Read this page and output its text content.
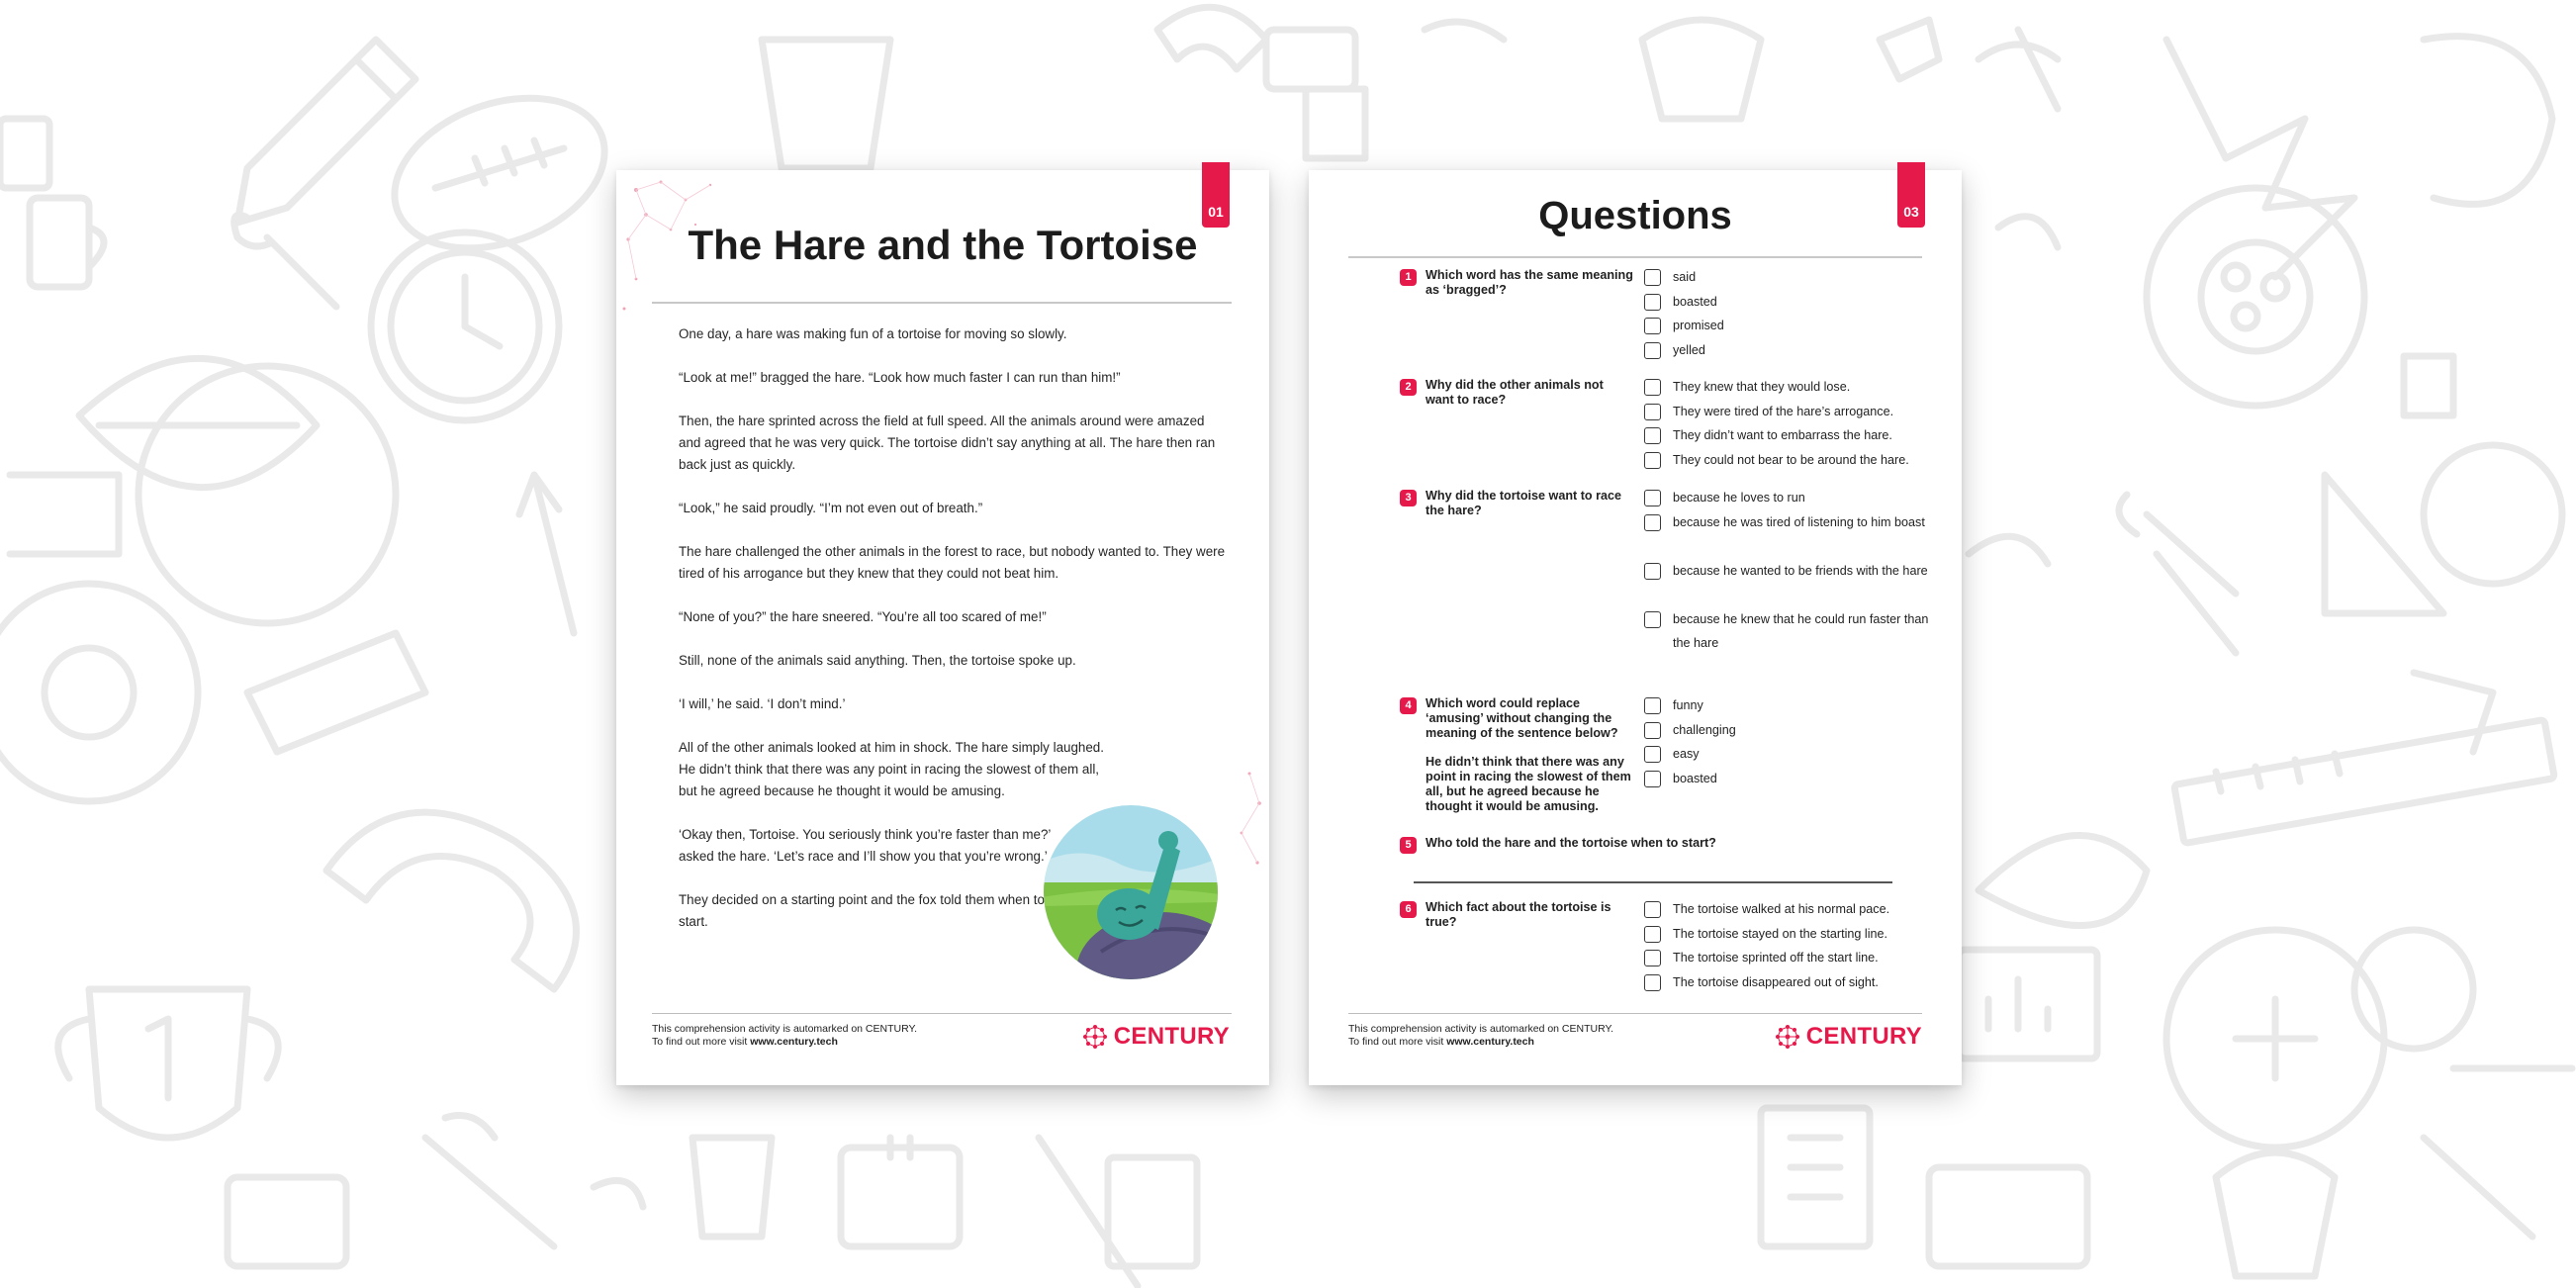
01
The Hare and the Tortoise

One day, a hare was making fun of a tortoise for moving so slowly.

“Look at me!” bragged the hare. “Look how much faster I can run than him!”

Then, the hare sprinted across the field at full speed. All the animals around were amazed and agreed that he was very quick. The tortoise didn’t say anything at all. The hare then ran back just as quickly.

“Look,” he said proudly. “I’m not even out of breath.”

The hare challenged the other animals in the forest to race, but nobody wanted to. They were tired of his arrogance but they knew that they could not beat him.

“None of you?” the hare sneered. “You’re all too scared of me!”

Still, none of the animals said anything. Then, the tortoise spoke up.

‘I will,’ he said. ‘I don’t mind.’

All of the other animals looked at him in shock. The hare simply laughed. He didn’t think that there was any point in racing the slowest of them all, but he agreed because he thought it would be amusing.

‘Okay then, Tortoise. You seriously think you’re faster than me?’ asked the hare. ‘Let’s race and I’ll show you that you’re wrong.’

They decided on a starting point and the fox told them when to start.

This comprehension activity is automarked on CENTURY.
To find out more visit www.century.tech	CENTURY
03
Questions
1	Which word has the same meaning as ‘bragged’?
said
boasted
promised
yelled
2	Why did the other animals not want to race?
They knew that they would lose.
They were tired of the hare’s arrogance.
They didn’t want to embarrass the hare.
They could not bear to be around the hare.
3	Why did the tortoise want to race the hare?
because he loves to run
because he was tired of listening to him boast
because he wanted to be friends with the hare
because he knew that he could run faster than the hare
4	Which word could replace ‘amusing’ without changing the meaning of the sentence below?
He didn’t think that there was any point in racing the slowest of them all, but he agreed because he thought it would be amusing.
funny
challenging
easy
boasted
5	Who told the hare and the tortoise when to start?
6	Which fact about the tortoise is true?
The tortoise walked at his normal pace.
The tortoise stayed on the starting line.
The tortoise sprinted off the start line.
The tortoise disappeared out of sight.
This comprehension activity is automarked on CENTURY.
To find out more visit www.century.tech	CENTURY
